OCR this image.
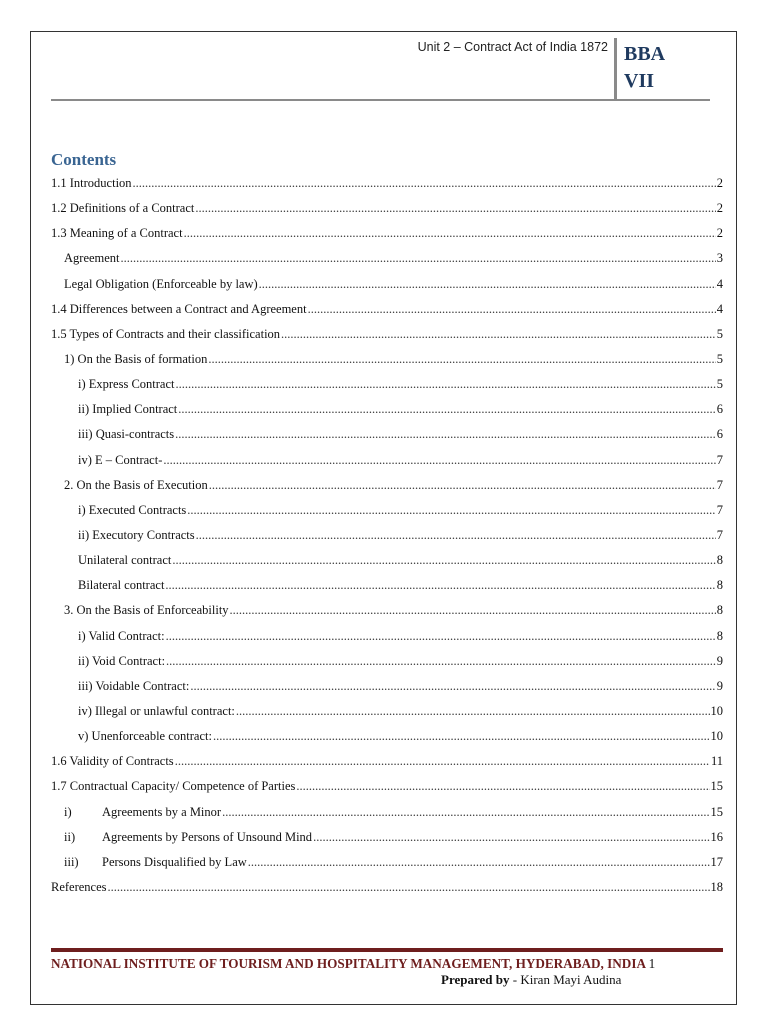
Unit 2 – Contract Act of India 1872 BBA
VII
Contents
1.1 Introduction .....	2
1.2 Definitions of a Contract .....	2
1.3 Meaning of a Contract .....	2
Agreement .....	3
Legal Obligation (Enforceable by law) .....	4
1.4 Differences between a Contract and Agreement .....	4
1.5 Types of Contracts and their classification .....	5
1) On the Basis of formation .....	5
i) Express Contract .....	5
ii) Implied Contract .....	6
iii) Quasi-contracts .....	6
iv) E – Contract- .....	7
2. On the Basis of Execution .....	7
i) Executed Contracts .....	7
ii) Executory Contracts .....	7
Unilateral contract .....	8
Bilateral contract .....	8
3. On the Basis of Enforceability .....	8
i) Valid Contract: .....	8
ii) Void Contract: .....	9
iii) Voidable Contract: .....	9
iv) Illegal or unlawful contract: .....	10
v) Unenforceable contract: .....	10
1.6 Validity of Contracts .....	11
1.7 Contractual Capacity/ Competence of Parties .....	15
i) Agreements by a Minor .....	15
ii) Agreements by Persons of Unsound Mind .....	16
iii) Persons Disqualified by Law .....	17
References .....	18
NATIONAL INSTITUTE OF TOURISM AND HOSPITALITY MANAGEMENT, HYDERABAD, INDIA 1
Prepared by - Kiran Mayi Audina
